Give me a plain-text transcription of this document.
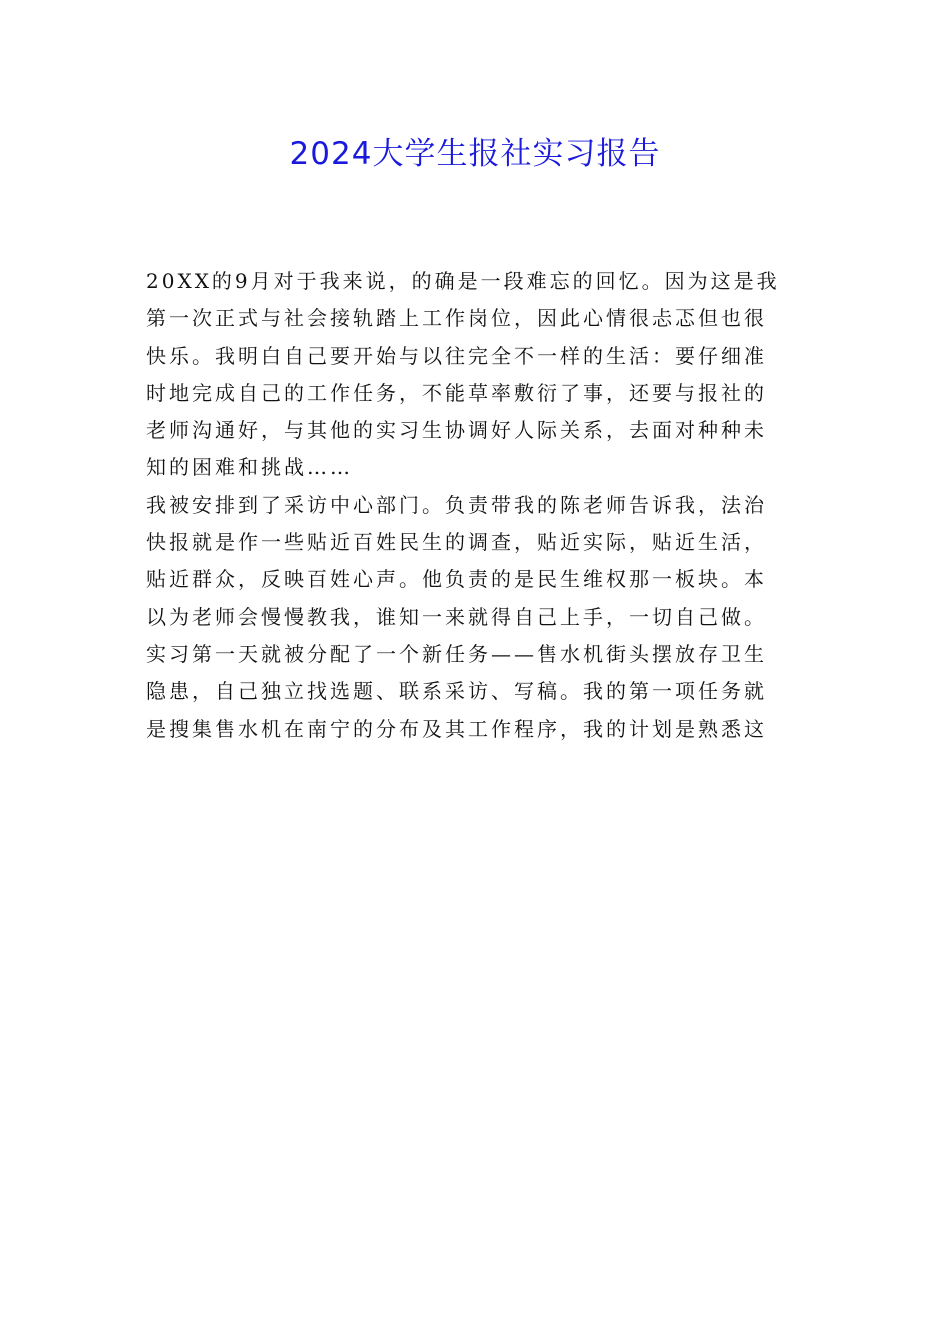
2024大学生报社实习报告
20XX的9月对于我来说，的确是一段难忘的回忆。因为这是我
第一次正式与社会接轨踏上工作岗位，因此心情很忐忑但也很
快乐。我明白自己要开始与以往完全不一样的生活：要仔细准
时地完成自己的工作任务，不能草率敷衍了事，还要与报社的
老师沟通好，与其他的实习生协调好人际关系，去面对种种未
知的困难和挑战……
我被安排到了采访中心部门。负责带我的陈老师告诉我，法治
快报就是作一些贴近百姓民生的调查，贴近实际，贴近生活，
贴近群众，反映百姓心声。他负责的是民生维权那一板块。本
以为老师会慢慢教我，谁知一来就得自己上手，一切自己做。
实习第一天就被分配了一个新任务——售水机街头摆放存卫生
隐患，自己独立找选题、联系采访、写稿。我的第一项任务就
是搜集售水机在南宁的分布及其工作程序，我的计划是熟悉这
